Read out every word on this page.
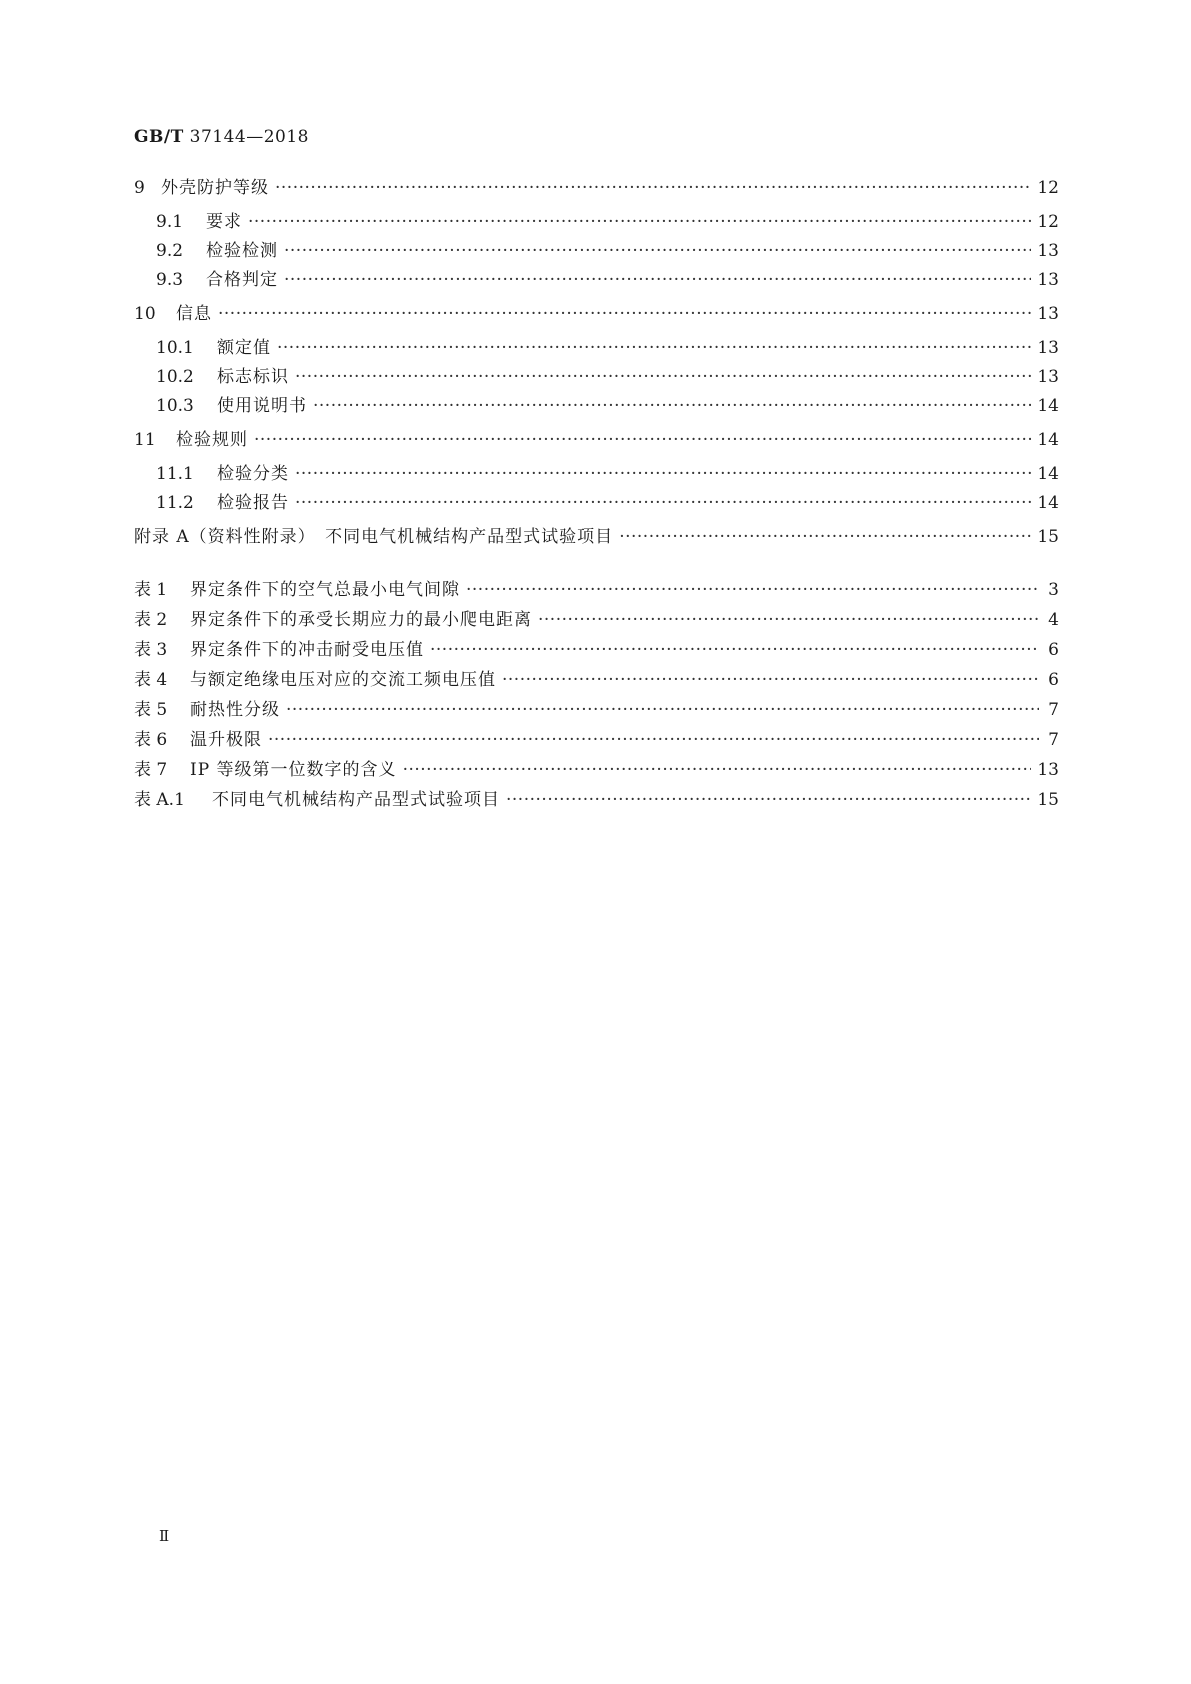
GB/T 37144—2018
9 外壳防护等级 ·····	12
9.1	要求 ·····	12
9.2	检验检测 ·····	13
9.3	合格判定 ·····	13
10	信息 ·····	13
10.1	额定值 ·····	13
10.2	标志标识 ·····	13
10.3	使用说明书 ·····	14
11	检验规则 ·····	14
11.1	检验分类 ·····	14
11.2	检验报告 ·····	14
附录 A（资料性附录）　不同电气机械结构产品型式试验项目 ·····	15
表 1	界定条件下的空气总最小电气间隙 ·····	3
表 2	界定条件下的承受长期应力的最小爬电距离 ·····	4
表 3	界定条件下的冲击耐受电压值 ·····	6
表 4	与额定绝缘电压对应的交流工频电压值 ·····	6
表 5	耐热性分级 ·····	7
表 6	温升极限 ·····	7
表 7	IP 等级第一位数字的含义 ·····	13
表 A.1	不同电气机械结构产品型式试验项目 ·····	15
Ⅱ
